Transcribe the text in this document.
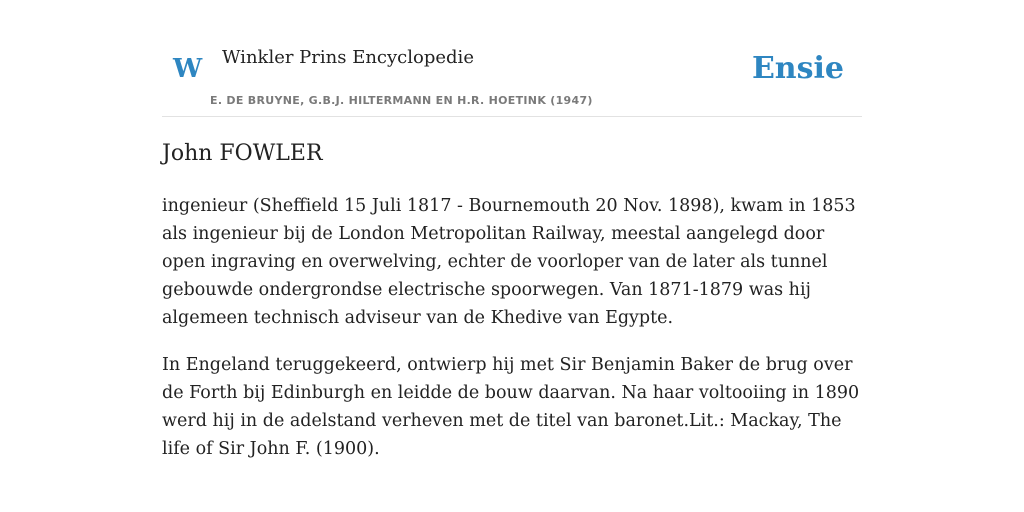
W Winkler Prins Encyclopedie
E. DE BRUYNE, G.B.J. HILTERMANN EN H.R. HOETINK (1947)
Ensie
John FOWLER

ingenieur (Sheffield 15 Juli 1817 - Bournemouth 20 Nov. 1898), kwam in 1853 als ingenieur bij de London Metropolitan Railway, meestal aangelegd door open ingraving en overwelving, echter de voorloper van de later als tunnel gebouwde ondergrondse electrische spoorwegen. Van 1871-1879 was hij algemeen technisch adviseur van de Khedive van Egypte.

In Engeland teruggekeerd, ontwierp hij met Sir Benjamin Baker de brug over de Forth bij Edinburgh en leidde de bouw daarvan. Na haar voltooiing in 1890 werd hij in de adelstand verheven met de titel van baronet.Lit.: Mackay, The life of Sir John F. (1900).
